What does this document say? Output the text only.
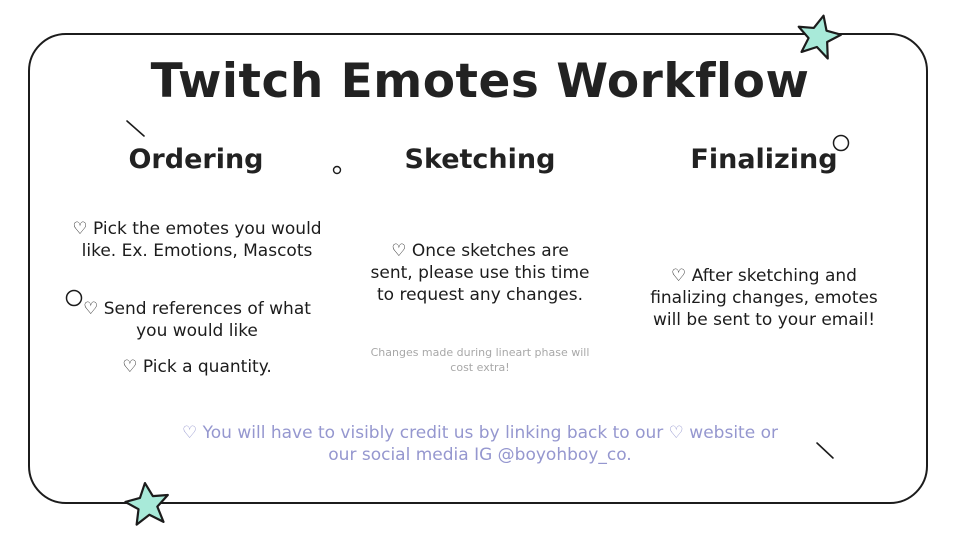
Twitch Emotes Workflow
Ordering	Sketching	Finalizing

♡ Pick the emotes you would like. Ex. Emotions, Mascots

♡ Send references of what you would like

♡ Pick a quantity.

♡ Once sketches are sent, please use this time to request any changes.

Changes made during lineart phase will cost extra!

♡ After sketching and finalizing changes, emotes will be sent to your email!

♡ You will have to visibly credit us by linking back to our ♡ website or our social media IG @boyohboy_co.
